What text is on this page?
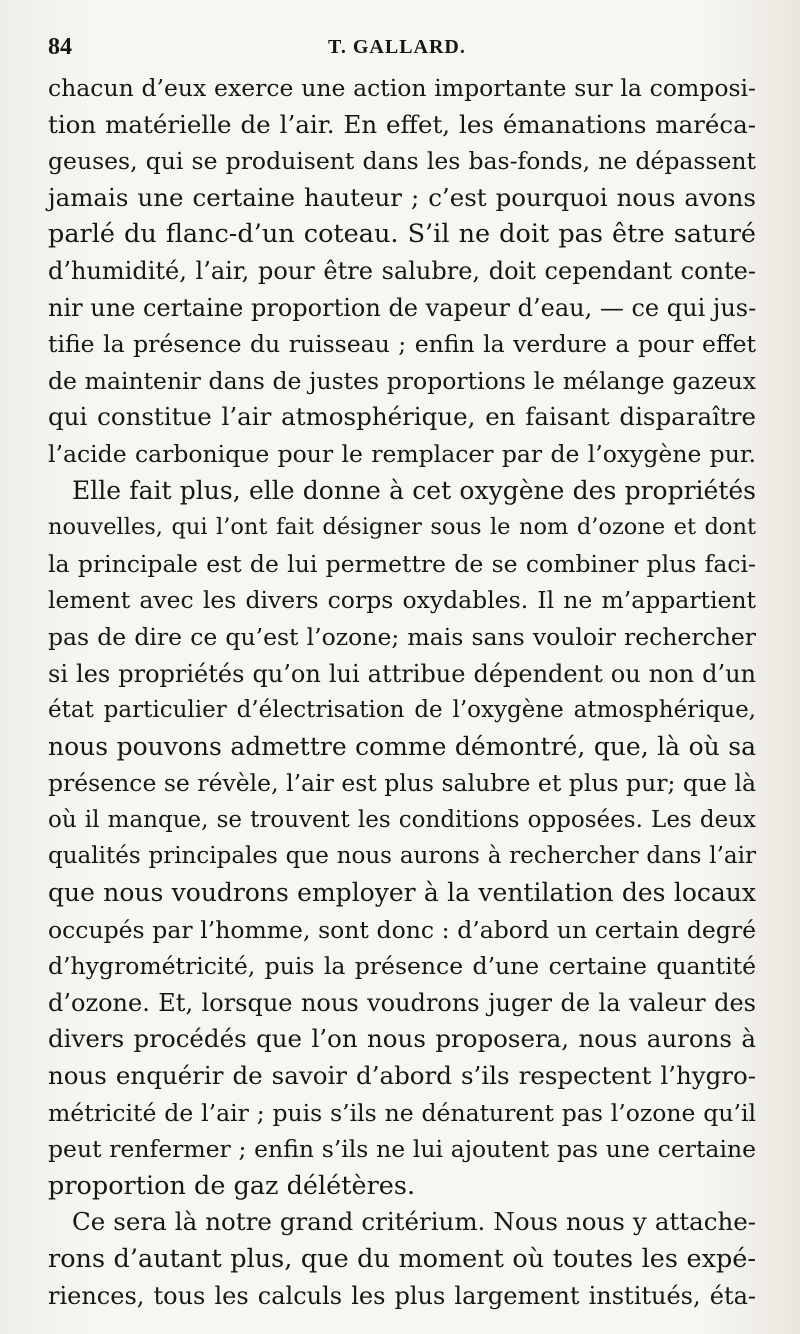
84	T. GALLARD.
chacun d’eux exerce une action importante sur la composi-
tion matérielle de l’air. En effet, les émanations maréca-
geuses, qui se produisent dans les bas-fonds, ne dépassent
jamais une certaine hauteur ; c’est pourquoi nous avons
parlé du flanc-d’un coteau. S’il ne doit pas être saturé
d’humidité, l’air, pour être salubre, doit cependant conte-
nir une certaine proportion de vapeur d’eau, — ce qui jus-
tifie la présence du ruisseau ; enfin la verdure a pour effet
de maintenir dans de justes proportions le mélange gazeux
qui constitue l’air atmosphérique, en faisant disparaître
l’acide carbonique pour le remplacer par de l’oxygène pur.
Elle fait plus, elle donne à cet oxygène des propriétés
nouvelles, qui l’ont fait désigner sous le nom d’ozone et dont
la principale est de lui permettre de se combiner plus faci-
lement avec les divers corps oxydables. Il ne m’appartient
pas de dire ce qu’est l’ozone; mais sans vouloir rechercher
si les propriétés qu’on lui attribue dépendent ou non d’un
état particulier d’électrisation de l’oxygène atmosphérique,
nous pouvons admettre comme démontré, que, là où sa
présence se révèle, l’air est plus salubre et plus pur; que là
où il manque, se trouvent les conditions opposées. Les deux
qualités principales que nous aurons à rechercher dans l’air
que nous voudrons employer à la ventilation des locaux
occupés par l’homme, sont donc : d’abord un certain degré
d’hygrométricité, puis la présence d’une certaine quantité
d’ozone. Et, lorsque nous voudrons juger de la valeur des
divers procédés que l’on nous proposera, nous aurons à
nous enquérir de savoir d’abord s’ils respectent l’hygro-
métricité de l’air ; puis s’ils ne dénaturent pas l’ozone qu’il
peut renfermer ; enfin s’ils ne lui ajoutent pas une certaine
proportion de gaz délétères.
Ce sera là notre grand critérium. Nous nous y attache-
rons d’autant plus, que du moment où toutes les expé-
riences, tous les calculs les plus largement institués, éta-
